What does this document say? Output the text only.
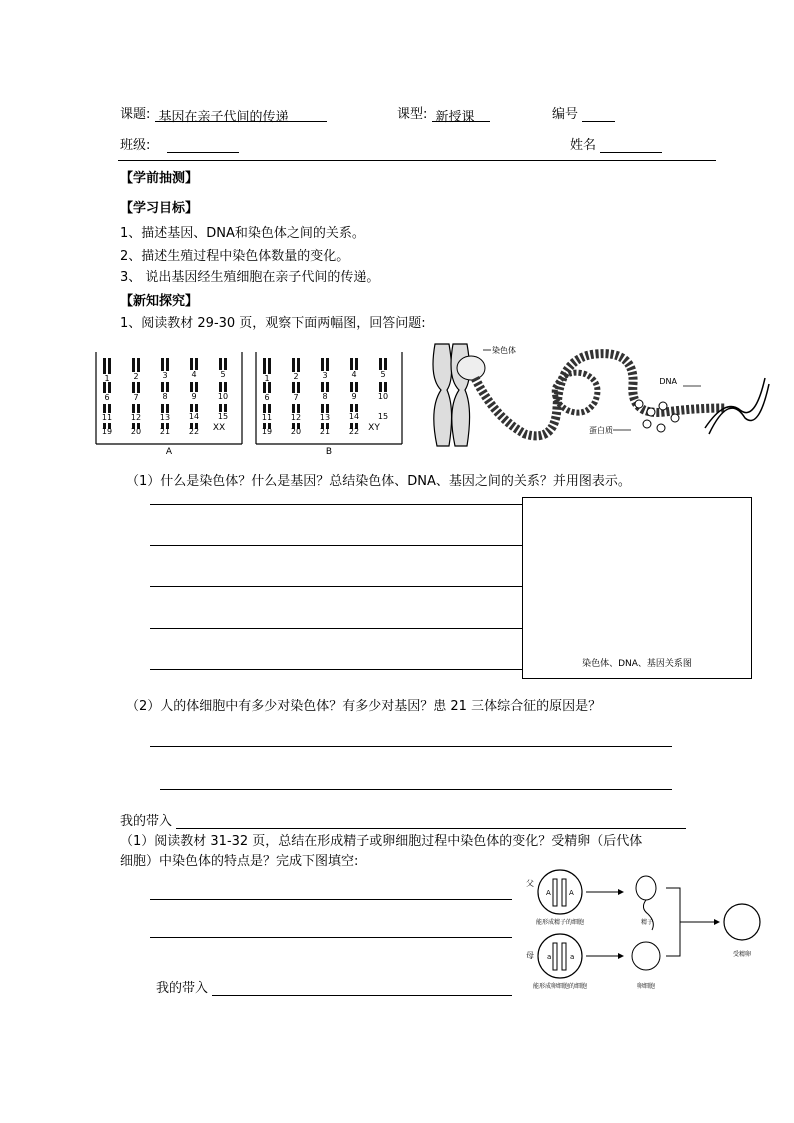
课题: 基因在亲子代间的传递	课型: 新授课	编号
班级:	姓名
【学前抽测】
【学习目标】
1、描述基因、DNA和染色体之间的关系。
2、描述生殖过程中染色体数量的变化。
3、 说出基因经生殖细胞在亲子代间的传递。
【新知探究】
1、阅读教材 29-30 页，观察下面两幅图，回答问题:
1	2	3	4	5
6	7	8	9	10
11 12 13 14 15
19 20 21 22 XX
A
1	2	3	4	5
6	7	8	9	10
11 12 13 14 15
19 20 21 22 XY
B
染色体
DNA
蛋白质
（1）什么是染色体？什么是基因？总结染色体、DNA、基因之间的关系？并用图表示。
染色体、DNA、基因关系图
（2）人的体细胞中有多少对染色体？有多少对基因？患 21 三体综合征的原因是？
我的带入
（1）阅读教材 31-32 页，总结在形成精子或卵细胞过程中染色体的变化？受精卵（后代体
细胞）中染色体的特点是？完成下图填空:
我的带入
父
A	A
能形成精子的细胞	精子
母 a	a
能形成卵细胞的细胞	卵细胞
受精卵
